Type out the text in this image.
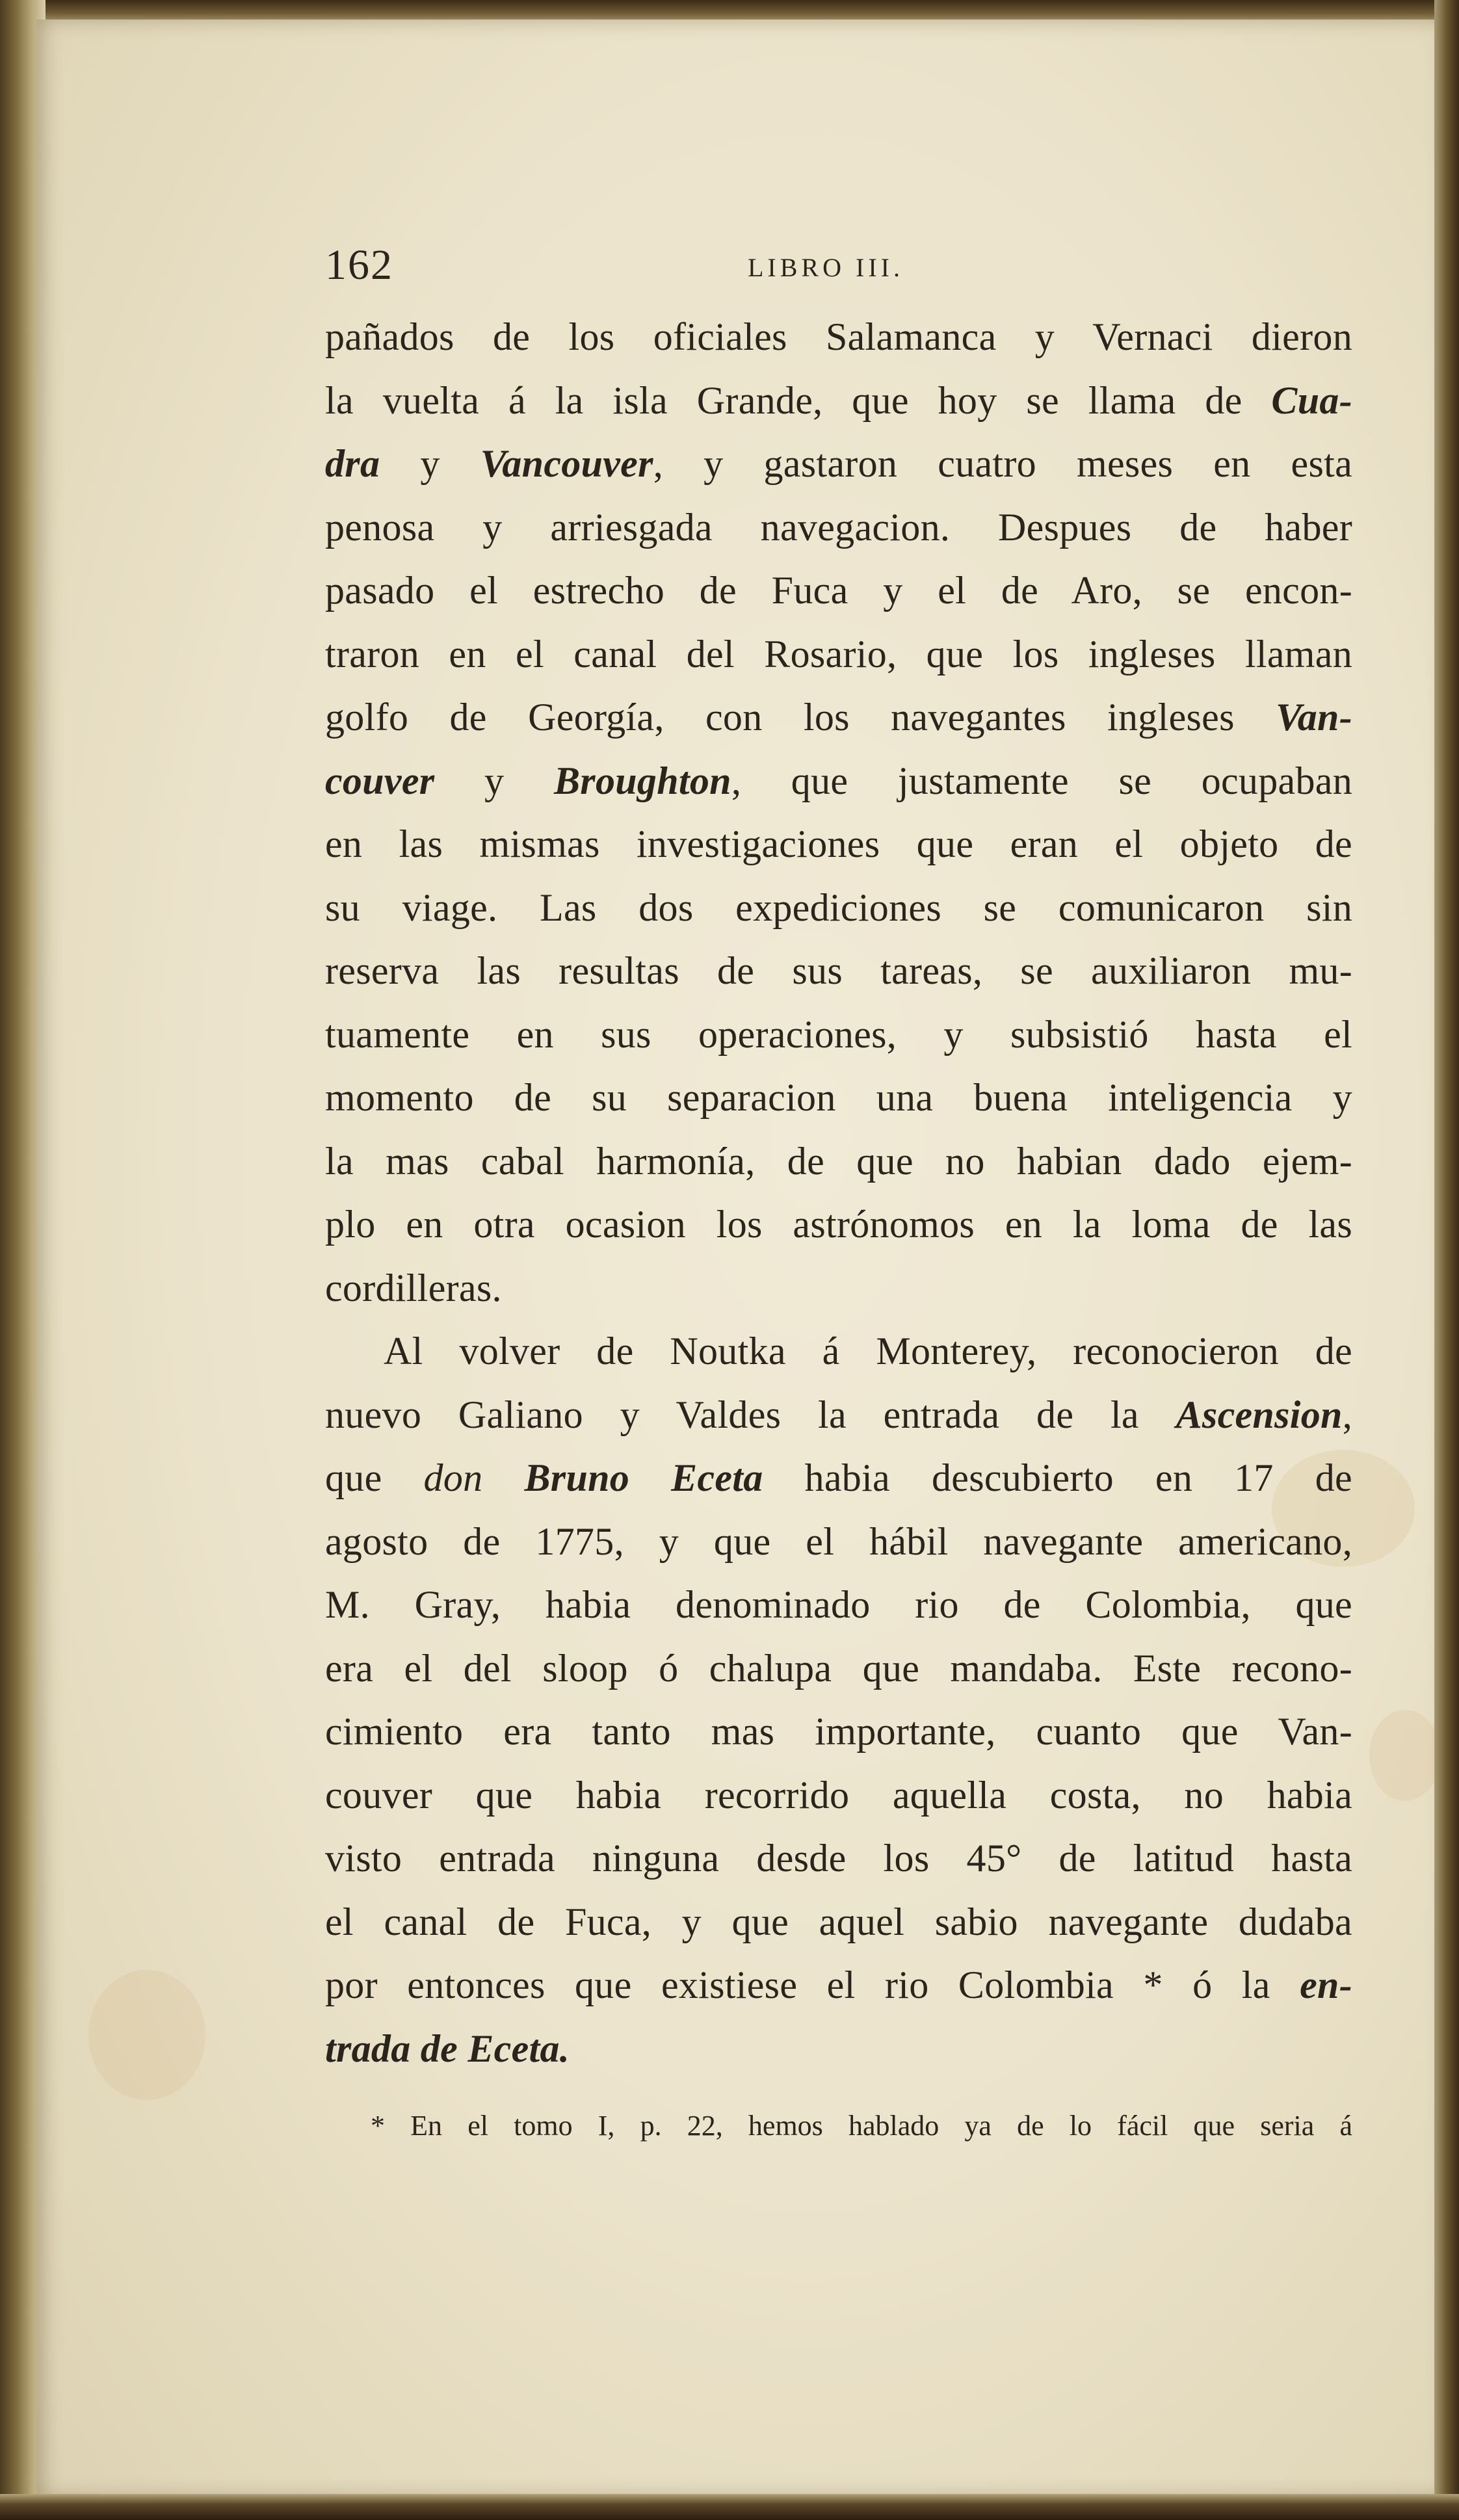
162	LIBRO III.
pañados de los oficiales Salamanca y Vernaci dieron
la vuelta á la isla Grande, que hoy se llama de Cua-
dra y Vancouver, y gastaron cuatro meses en esta
penosa y arriesgada navegacion. Despues de haber
pasado el estrecho de Fuca y el de Aro, se encon-
traron en el canal del Rosario, que los ingleses llaman
golfo de Georgía, con los navegantes ingleses Van-
couver y Broughton, que justamente se ocupaban
en las mismas investigaciones que eran el objeto de
su viage. Las dos expediciones se comunicaron sin
reserva las resultas de sus tareas, se auxiliaron mu-
tuamente en sus operaciones, y subsistió hasta el
momento de su separacion una buena inteligencia y
la mas cabal harmonía, de que no habian dado ejem-
plo en otra ocasion los astrónomos en la loma de las
cordilleras.
Al volver de Noutka á Monterey, reconocieron de
nuevo Galiano y Valdes la entrada de la Ascension,
que don Bruno Eceta habia descubierto en 17 de
agosto de 1775, y que el hábil navegante americano,
M. Gray, habia denominado rio de Colombia, que
era el del sloop ó chalupa que mandaba. Este recono-
cimiento era tanto mas importante, cuanto que Van-
couver que habia recorrido aquella costa, no habia
visto entrada ninguna desde los 45° de latitud hasta
el canal de Fuca, y que aquel sabio navegante dudaba
por entonces que existiese el rio Colombia * ó la en-
trada de Eceta.
* En el tomo I, p. 22, hemos hablado ya de lo fácil que seria á
